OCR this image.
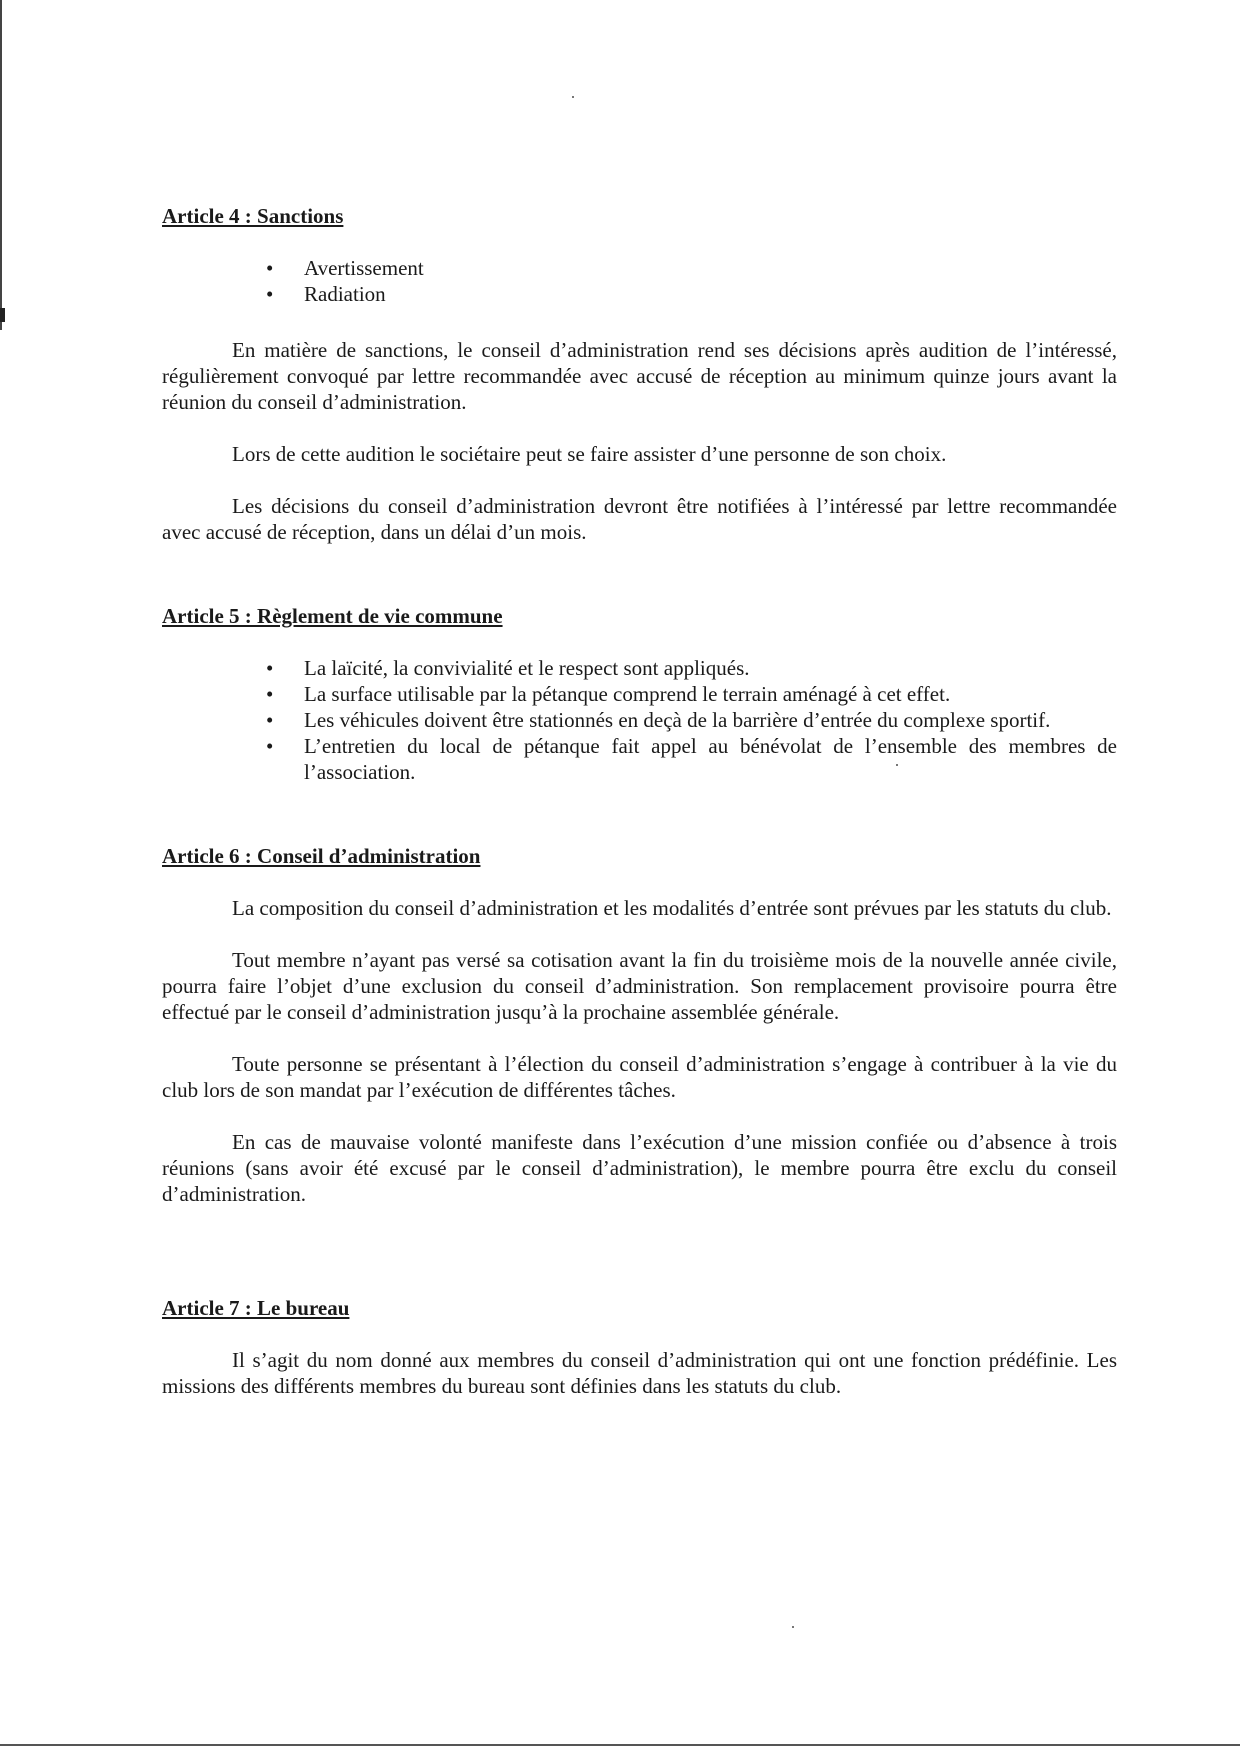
Article 4 : Sanctions
• Avertissement
• Radiation

En matière de sanctions, le conseil d’administration rend ses décisions après audition de l’intéressé, régulièrement convoqué par lettre recommandée avec accusé de réception au minimum quinze jours avant la réunion du conseil d’administration.

Lors de cette audition le sociétaire peut se faire assister d’une personne de son choix.

Les décisions du conseil d’administration devront être notifiées à l’intéressé par lettre recommandée avec accusé de réception, dans un délai d’un mois.

Article 5 : Règlement de vie commune
• La laïcité, la convivialité et le respect sont appliqués.
• La surface utilisable par la pétanque comprend le terrain aménagé à cet effet.
• Les véhicules doivent être stationnés en deçà de la barrière d’entrée du complexe sportif.
• L’entretien du local de pétanque fait appel au bénévolat de l’ensemble des membres de l’association.
Article 6 : Conseil d’administration

La composition du conseil d’administration et les modalités d’entrée sont prévues par les statuts du club.

Tout membre n’ayant pas versé sa cotisation avant la fin du troisième mois de la nouvelle année civile, pourra faire l’objet d’une exclusion du conseil d’administration. Son remplacement provisoire pourra être effectué par le conseil d’administration jusqu’à la prochaine assemblée générale.

Toute personne se présentant à l’élection du conseil d’administration s’engage à contribuer à la vie du club lors de son mandat par l’exécution de différentes tâches.

En cas de mauvaise volonté manifeste dans l’exécution d’une mission confiée ou d’absence à trois réunions (sans avoir été excusé par le conseil d’administration), le membre pourra être exclu du conseil d’administration.

Article 7 : Le bureau

Il s’agit du nom donné aux membres du conseil d’administration qui ont une fonction prédéfinie. Les missions des différents membres du bureau sont définies dans les statuts du club.
